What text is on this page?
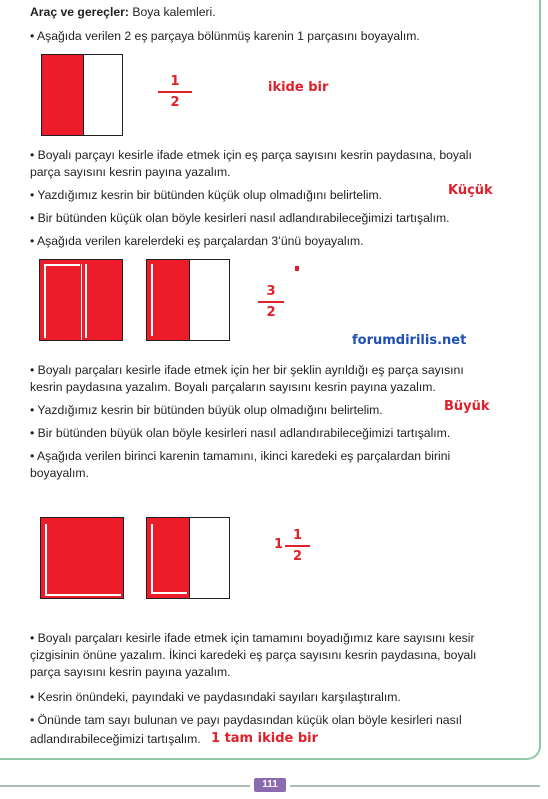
Araç ve gereçler: Boya kalemleri.
• Aşağıda verilen 2 eş parçaya bölünmüş karenin 1 parçasını boyayalım.
1
2
ikide bir
• Boyalı parçayı kesirle ifade etmek için eş parça sayısını kesrin paydasına, boyalı
parça sayısını kesrin payına yazalım.
• Yazdığımız kesrin bir bütünden küçük olup olmadığını belirtelim.	Küçük
• Bir bütünden küçük olan böyle kesirleri nasıl adlandırabileceğimizi tartışalım.
• Aşağıda verilen karelerdeki eş parçalardan 3’ünü boyayalım.
3
2
forumdirilis.net
• Boyalı parçaları kesirle ifade etmek için her bir şeklin ayrıldığı eş parça sayısını
kesrin paydasına yazalım. Boyalı parçaların sayısını kesrin payına yazalım.
• Yazdığımız kesrin bir bütünden büyük olup olmadığını belirtelim.	Büyük
• Bir bütünden büyük olan böyle kesirleri nasıl adlandırabileceğimizi tartışalım.
• Aşağıda verilen birinci karenin tamamını, ikinci karedeki eş parçalardan birini
boyayalım.
1
1
2
• Boyalı parçaları kesirle ifade etmek için tamamını boyadığımız kare sayısını kesir
çizgisinin önüne yazalım. İkinci karedeki eş parça sayısını kesrin paydasına, boyalı
parça sayısını kesrin payına yazalım.
• Kesrin önündeki, payındaki ve paydasındaki sayıları karşılaştıralım.
• Önünde tam sayı bulunan ve payı paydasından küçük olan böyle kesirleri nasıl
adlandırabileceğimizi tartışalım. 1 tam ikide bir
111
